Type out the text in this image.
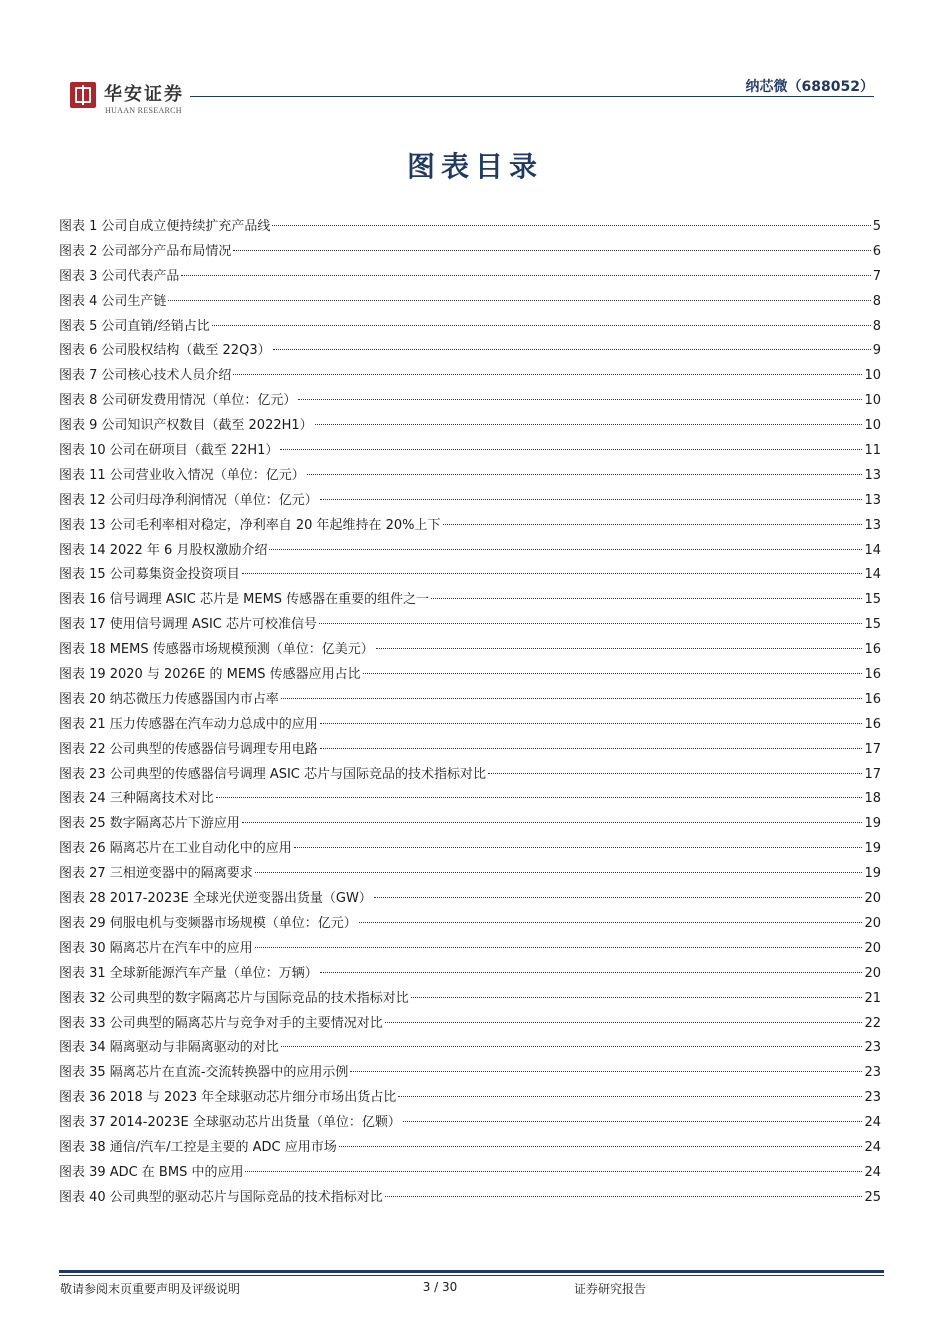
华安证券
HUAAN RESEARCH
纳芯微（688052）
图表目录
图表 1 公司自成立便持续扩充产品线	5
图表 2 公司部分产品布局情况	6
图表 3 公司代表产品	7
图表 4 公司生产链	8
图表 5 公司直销/经销占比	8
图表 6 公司股权结构（截至 22Q3）	9
图表 7 公司核心技术人员介绍	10
图表 8 公司研发费用情况（单位：亿元）	10
图表 9 公司知识产权数目（截至 2022H1）	10
图表 10 公司在研项目（截至 22H1）	11
图表 11 公司营业收入情况（单位：亿元）	13
图表 12 公司归母净利润情况（单位：亿元）	13
图表 13 公司毛利率相对稳定，净利率自 20 年起维持在 20%上下	13
图表 14 2022 年 6 月股权激励介绍	14
图表 15 公司募集资金投资项目	14
图表 16 信号调理 ASIC 芯片是 MEMS 传感器在重要的组件之一	15
图表 17 使用信号调理 ASIC 芯片可校准信号	15
图表 18 MEMS 传感器市场规模预测（单位：亿美元）	16
图表 19 2020 与 2026E 的 MEMS 传感器应用占比	16
图表 20 纳芯微压力传感器国内市占率	16
图表 21 压力传感器在汽车动力总成中的应用	16
图表 22 公司典型的传感器信号调理专用电路	17
图表 23 公司典型的传感器信号调理 ASIC 芯片与国际竞品的技术指标对比	17
图表 24 三种隔离技术对比	18
图表 25 数字隔离芯片下游应用	19
图表 26 隔离芯片在工业自动化中的应用	19
图表 27 三相逆变器中的隔离要求	19
图表 28 2017-2023E 全球光伏逆变器出货量（GW）	20
图表 29 伺服电机与变频器市场规模（单位：亿元）	20
图表 30 隔离芯片在汽车中的应用	20
图表 31 全球新能源汽车产量（单位：万辆）	20
图表 32 公司典型的数字隔离芯片与国际竞品的技术指标对比	21
图表 33 公司典型的隔离芯片与竞争对手的主要情况对比	22
图表 34 隔离驱动与非隔离驱动的对比	23
图表 35 隔离芯片在直流-交流转换器中的应用示例	23
图表 36 2018 与 2023 年全球驱动芯片细分市场出货占比	23
图表 37 2014-2023E 全球驱动芯片出货量（单位：亿颗）	24
图表 38 通信/汽车/工控是主要的 ADC 应用市场	24
图表 39 ADC 在 BMS 中的应用	24
图表 40 公司典型的驱动芯片与国际竞品的技术指标对比	25
敬请参阅末页重要声明及评级说明	3 / 30	证券研究报告
